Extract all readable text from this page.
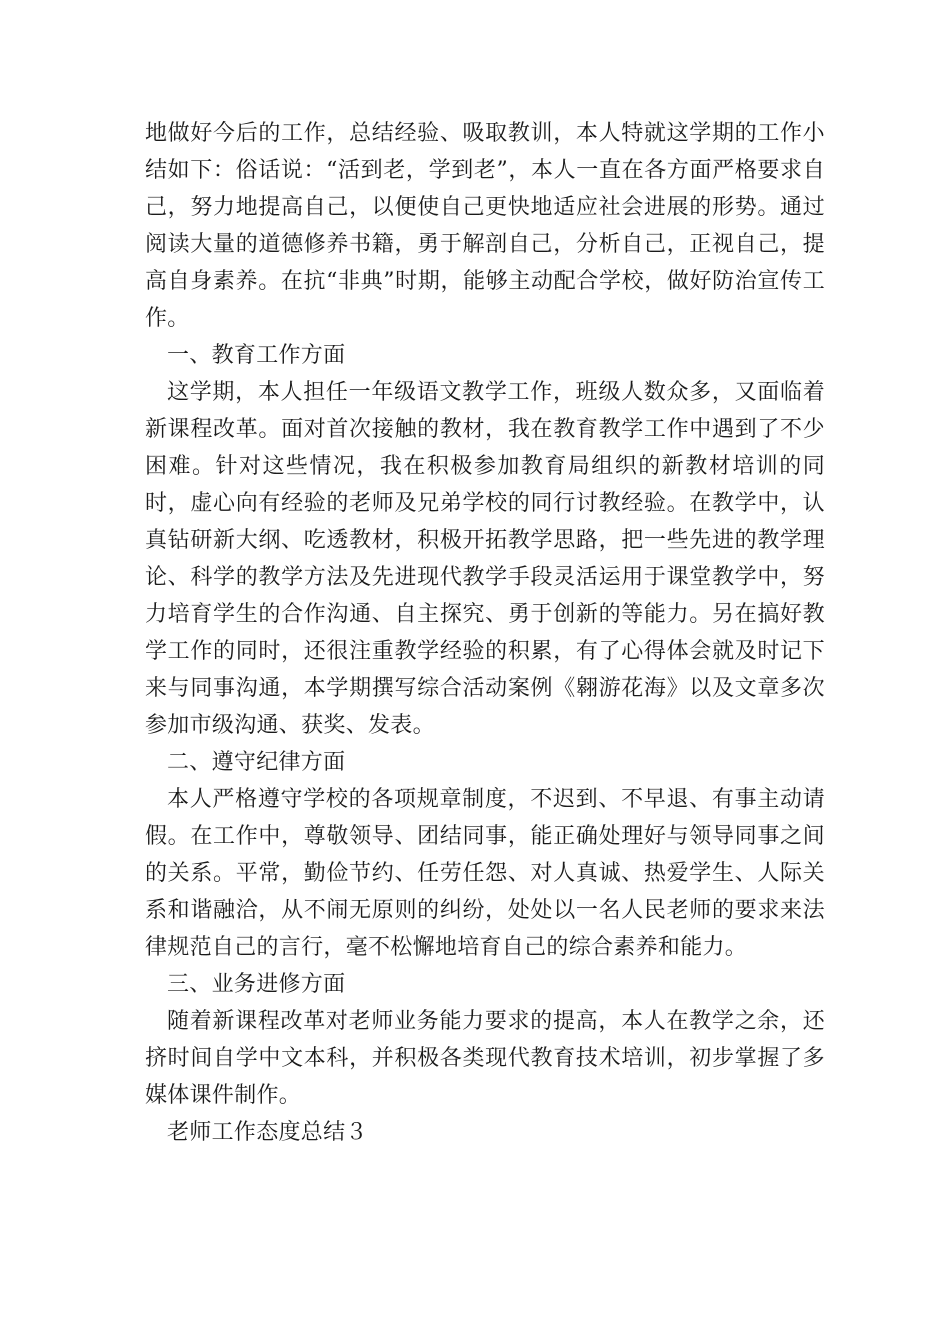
地做好今后的工作，总结经验、吸取教训，本人特就这学期的工作小结如下：俗话说：“活到老，学到老”，本人一直在各方面严格要求自己，努力地提高自己，以便使自己更快地适应社会进展的形势。通过阅读大量的道德修养书籍，勇于解剖自己，分析自己，正视自己，提高自身素养。在抗“非典”时期，能够主动配合学校，做好防治宣传工作。

一、教育工作方面

这学期，本人担任一年级语文教学工作，班级人数众多，又面临着新课程改革。面对首次接触的教材，我在教育教学工作中遇到了不少困难。针对这些情况，我在积极参加教育局组织的新教材培训的同时，虚心向有经验的老师及兄弟学校的同行讨教经验。在教学中，认真钻研新大纲、吃透教材，积极开拓教学思路，把一些先进的教学理论、科学的教学方法及先进现代教学手段灵活运用于课堂教学中，努力培育学生的合作沟通、自主探究、勇于创新的等能力。另在搞好教学工作的同时，还很注重教学经验的积累，有了心得体会就及时记下来与同事沟通，本学期撰写综合活动案例《翱游花海》以及文章多次参加市级沟通、获奖、发表。

二、遵守纪律方面

本人严格遵守学校的各项规章制度，不迟到、不早退、有事主动请假。在工作中，尊敬领导、团结同事，能正确处理好与领导同事之间的关系。平常，勤俭节约、任劳任怨、对人真诚、热爱学生、人际关系和谐融洽，从不闹无原则的纠纷，处处以一名人民老师的要求来法律规范自己的言行，毫不松懈地培育自己的综合素养和能力。

三、业务进修方面

随着新课程改革对老师业务能力要求的提高，本人在教学之余，还挤时间自学中文本科，并积极各类现代教育技术培训，初步掌握了多媒体课件制作。

老师工作态度总结３
